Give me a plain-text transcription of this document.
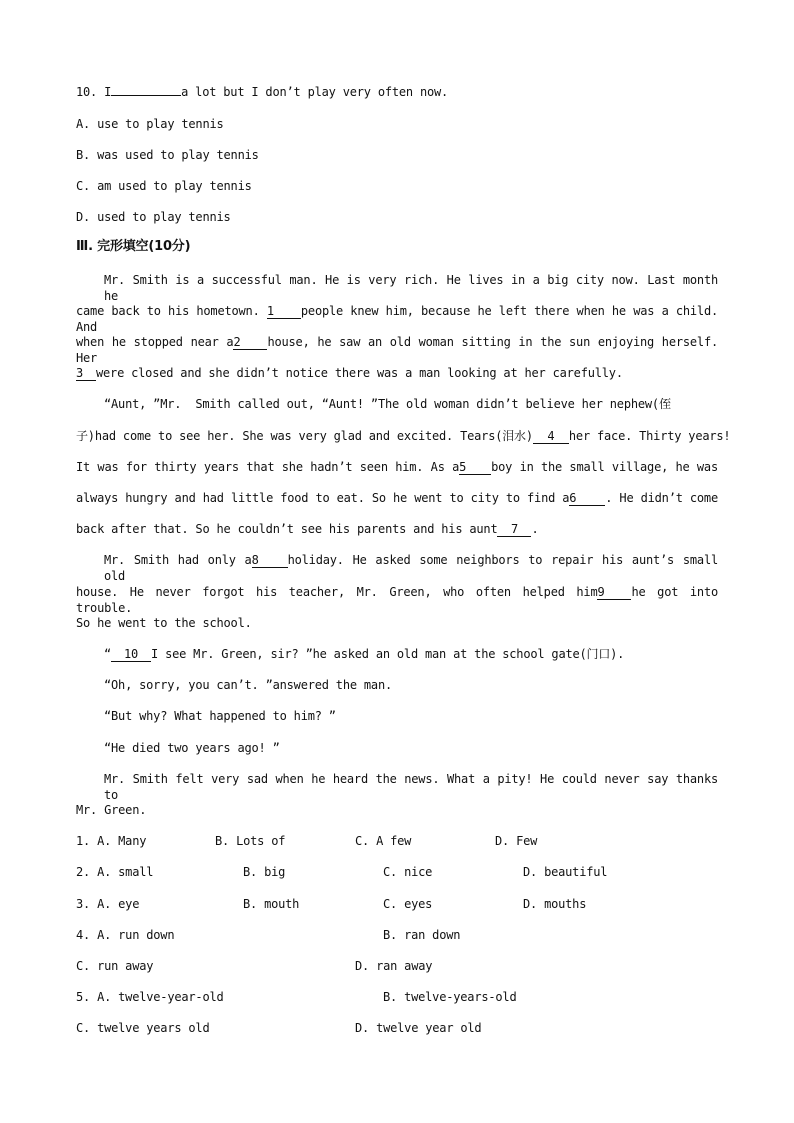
10. I	a lot but I don’t play very often now.
A. use to play tennis
B. was used to play tennis
C. am used to play tennis
D. used to play tennis
Ⅲ. 完形填空(10分)
Mr. Smith is a successful man. He is very rich. He lives in a big city now. Last month he
came back to his hometown. 1 people knew him, because he left there when he was a child. And
when he stopped near a2 house, he saw an old woman sitting in the sun enjoying herself. Her
3 were closed and she didn’t notice there was a man looking at her carefully.
“Aunt, ”Mr.  Smith called out, “Aunt! ”The old woman didn’t believe her nephew(侄
子)had come to see her. She was very glad and excited. Tears(泪水) 4 her face. Thirty years!
It was for thirty years that she hadn’t seen him. As a5 boy in the small village, he was
always hungry and had little food to eat. So he went to city to find a6 . He didn’t come
back after that. So he couldn’t see his parents and his aunt 7 .
Mr. Smith had only a8 holiday. He asked some neighbors to repair his aunt’s small old
house. He never forgot his teacher, Mr. Green, who often helped him9 he got into trouble.
So he went to the school.
“ 10 I see Mr. Green, sir? ”he asked an old man at the school gate(门口).
“Oh, sorry, you can’t. ”answered the man.
“But why? What happened to him? ”
“He died two years ago! ”
Mr. Smith felt very sad when he heard the news. What a pity! He could never say thanks to
Mr. Green.
1. A. Many	B. Lots of	C. A few	D. Few
2. A. small	B. big	C. nice	D. beautiful
3. A. eye	B. mouth	C. eyes	D. mouths
4. A. run down	B. ran down
C. run away	D. ran away
5. A. twelve-year-old	B. twelve-years-old
C. twelve years old	D. twelve year old
